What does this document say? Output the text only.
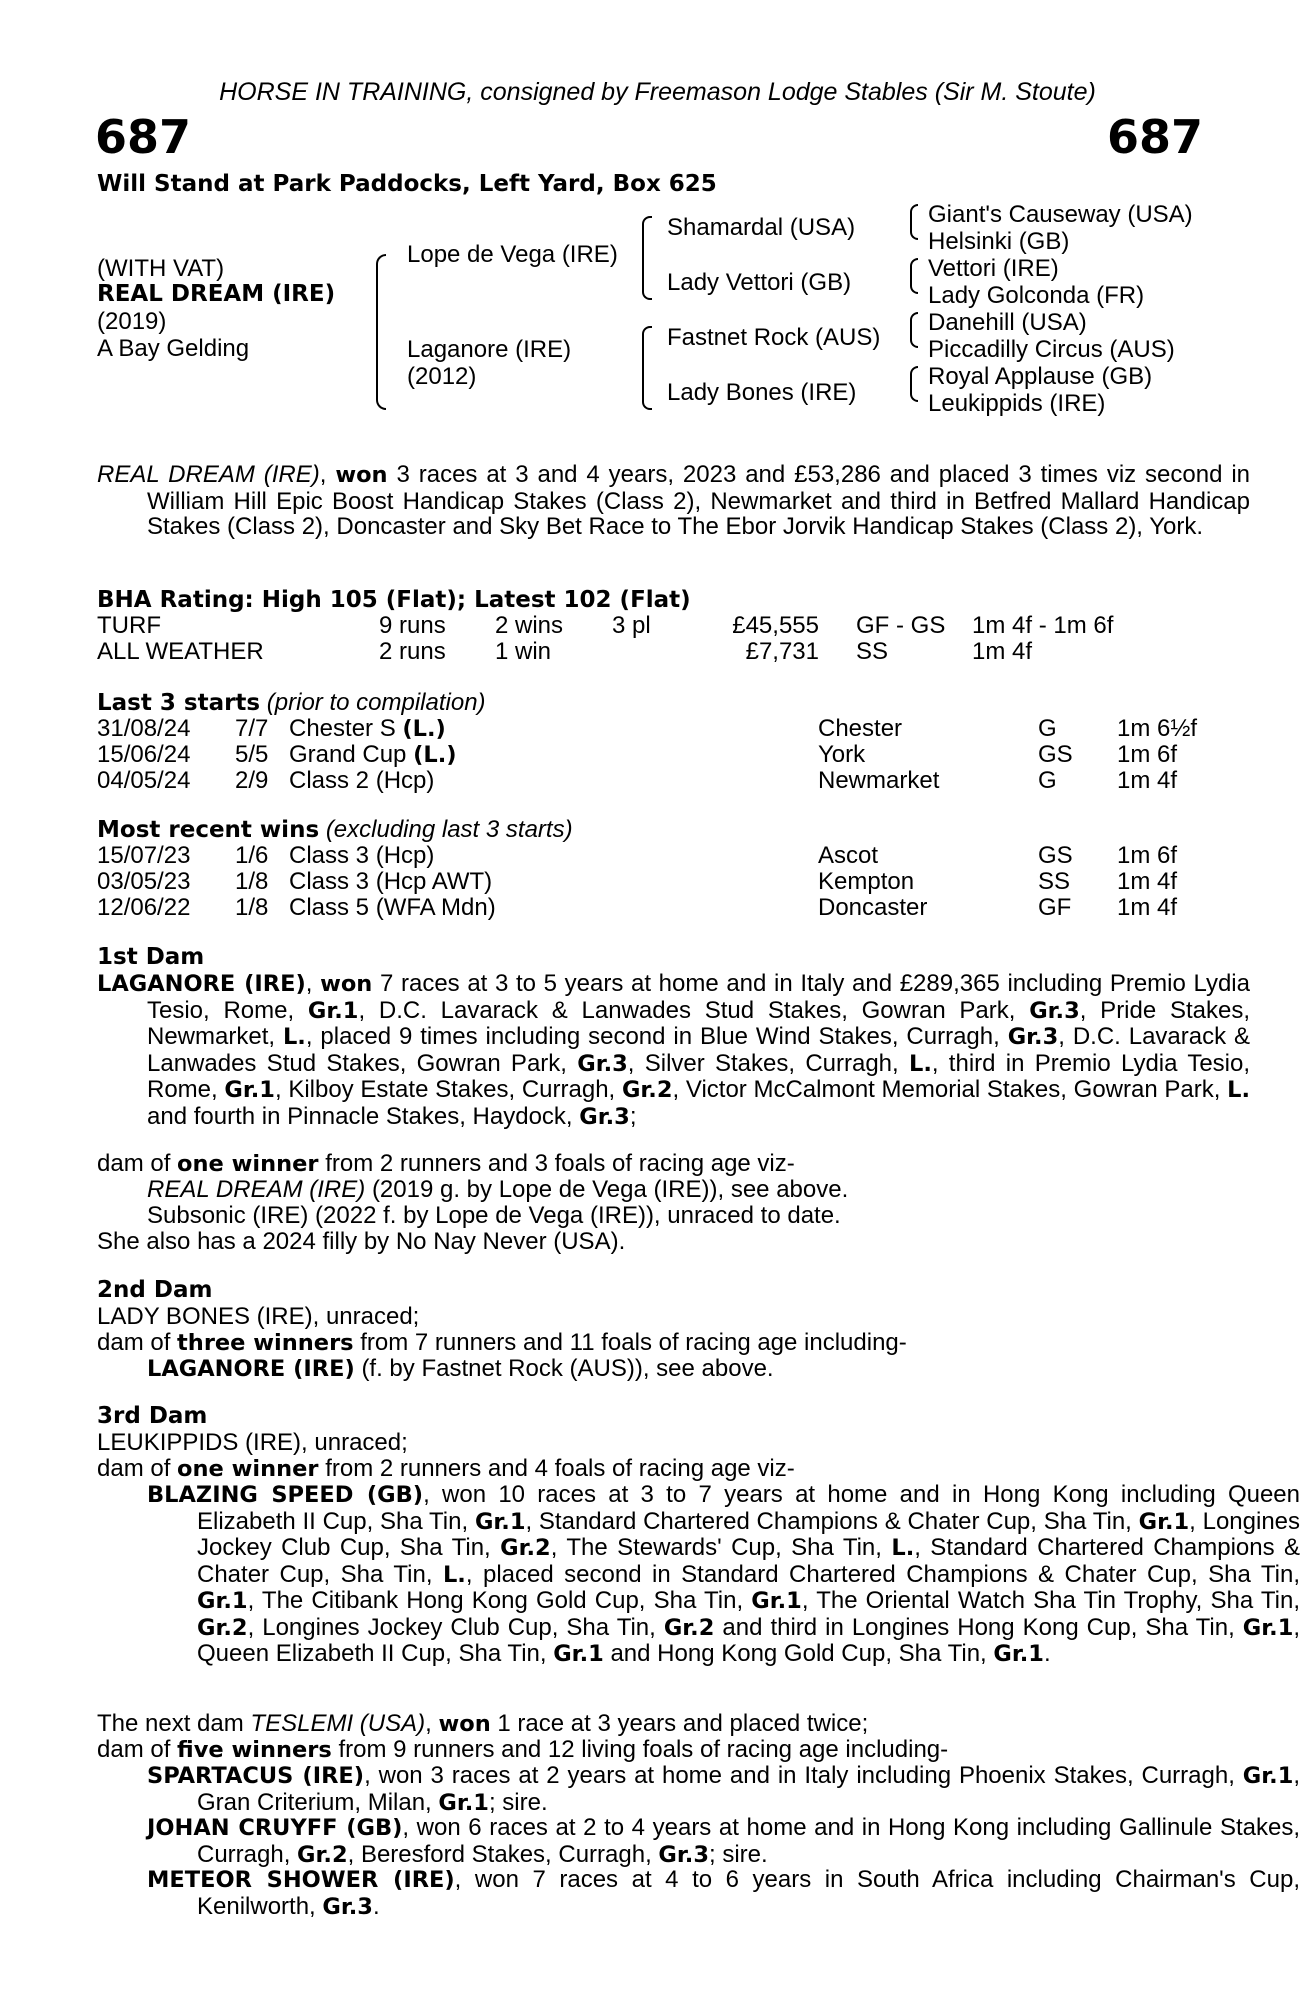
HORSE IN TRAINING, consigned by Freemason Lodge Stables (Sir M. Stoute)
687	687
Will Stand at Park Paddocks, Left Yard, Box 625
(WITH VAT)
REAL DREAM (IRE)
(2019)
A Bay Gelding
Lope de Vega (IRE)
Laganore (IRE)
(2012)
Shamardal (USA)
Lady Vettori (GB)
Fastnet Rock (AUS)
Lady Bones (IRE)
Giant's Causeway (USA)
Helsinki (GB)
Vettori (IRE)
Lady Golconda (FR)
Danehill (USA)
Piccadilly Circus (AUS)
Royal Applause (GB)
Leukippids (IRE)
REAL DREAM (IRE), won 3 races at 3 and 4 years, 2023 and £53,286 and placed 3 times viz second in William Hill Epic Boost Handicap Stakes (Class 2), Newmarket and third in Betfred Mallard Handicap Stakes (Class 2), Doncaster and Sky Bet Race to The Ebor Jorvik Handicap Stakes (Class 2), York.
BHA Rating: High 105 (Flat); Latest 102 (Flat)
TURF	9 runs 2 wins 3 pl	£45,555 GF - GS 1m 4f - 1m 6f
ALL WEATHER	2 runs 1 win	£7,731 SS	1m 4f
Last 3 starts (prior to compilation)
31/08/24 7/7 Chester S (L.)	Chester	G	1m 6½f
15/06/24 5/5 Grand Cup (L.)	York	GS 1m 6f
04/05/24 2/9 Class 2 (Hcp)	Newmarket	G	1m 4f
Most recent wins (excluding last 3 starts)
15/07/23 1/6 Class 3 (Hcp)	Ascot	GS 1m 6f
03/05/23 1/8 Class 3 (Hcp AWT)	Kempton	SS 1m 4f
12/06/22 1/8 Class 5 (WFA Mdn)	Doncaster	GF 1m 4f
1st Dam
LAGANORE (IRE), won 7 races at 3 to 5 years at home and in Italy and £289,365 including Premio Lydia Tesio, Rome, Gr.1, D.C. Lavarack & Lanwades Stud Stakes, Gowran Park, Gr.3, Pride Stakes, Newmarket, L., placed 9 times including second in Blue Wind Stakes, Curragh, Gr.3, D.C. Lavarack & Lanwades Stud Stakes, Gowran Park, Gr.3, Silver Stakes, Curragh, L., third in Premio Lydia Tesio, Rome, Gr.1, Kilboy Estate Stakes, Curragh, Gr.2, Victor McCalmont Memorial Stakes, Gowran Park, L. and fourth in Pinnacle Stakes, Haydock, Gr.3;
dam of one winner from 2 runners and 3 foals of racing age viz-
REAL DREAM (IRE) (2019 g. by Lope de Vega (IRE)), see above.
Subsonic (IRE) (2022 f. by Lope de Vega (IRE)), unraced to date.
She also has a 2024 filly by No Nay Never (USA).
2nd Dam
LADY BONES (IRE), unraced;
dam of three winners from 7 runners and 11 foals of racing age including-
LAGANORE (IRE) (f. by Fastnet Rock (AUS)), see above.
3rd Dam
LEUKIPPIDS (IRE), unraced;
dam of one winner from 2 runners and 4 foals of racing age viz-
BLAZING SPEED (GB), won 10 races at 3 to 7 years at home and in Hong Kong including Queen Elizabeth II Cup, Sha Tin, Gr.1, Standard Chartered Champions & Chater Cup, Sha Tin, Gr.1, Longines Jockey Club Cup, Sha Tin, Gr.2, The Stewards' Cup, Sha Tin, L., Standard Chartered Champions & Chater Cup, Sha Tin, L., placed second in Standard Chartered Champions & Chater Cup, Sha Tin, Gr.1, The Citibank Hong Kong Gold Cup, Sha Tin, Gr.1, The Oriental Watch Sha Tin Trophy, Sha Tin, Gr.2, Longines Jockey Club Cup, Sha Tin, Gr.2 and third in Longines Hong Kong Cup, Sha Tin, Gr.1, Queen Elizabeth II Cup, Sha Tin, Gr.1 and Hong Kong Gold Cup, Sha Tin, Gr.1.
The next dam TESLEMI (USA), won 1 race at 3 years and placed twice;
dam of five winners from 9 runners and 12 living foals of racing age including-
SPARTACUS (IRE), won 3 races at 2 years at home and in Italy including Phoenix Stakes, Curragh, Gr.1, Gran Criterium, Milan, Gr.1; sire.
JOHAN CRUYFF (GB), won 6 races at 2 to 4 years at home and in Hong Kong including Gallinule Stakes, Curragh, Gr.2, Beresford Stakes, Curragh, Gr.3; sire.
METEOR SHOWER (IRE), won 7 races at 4 to 6 years in South Africa including Chairman's Cup, Kenilworth, Gr.3.
